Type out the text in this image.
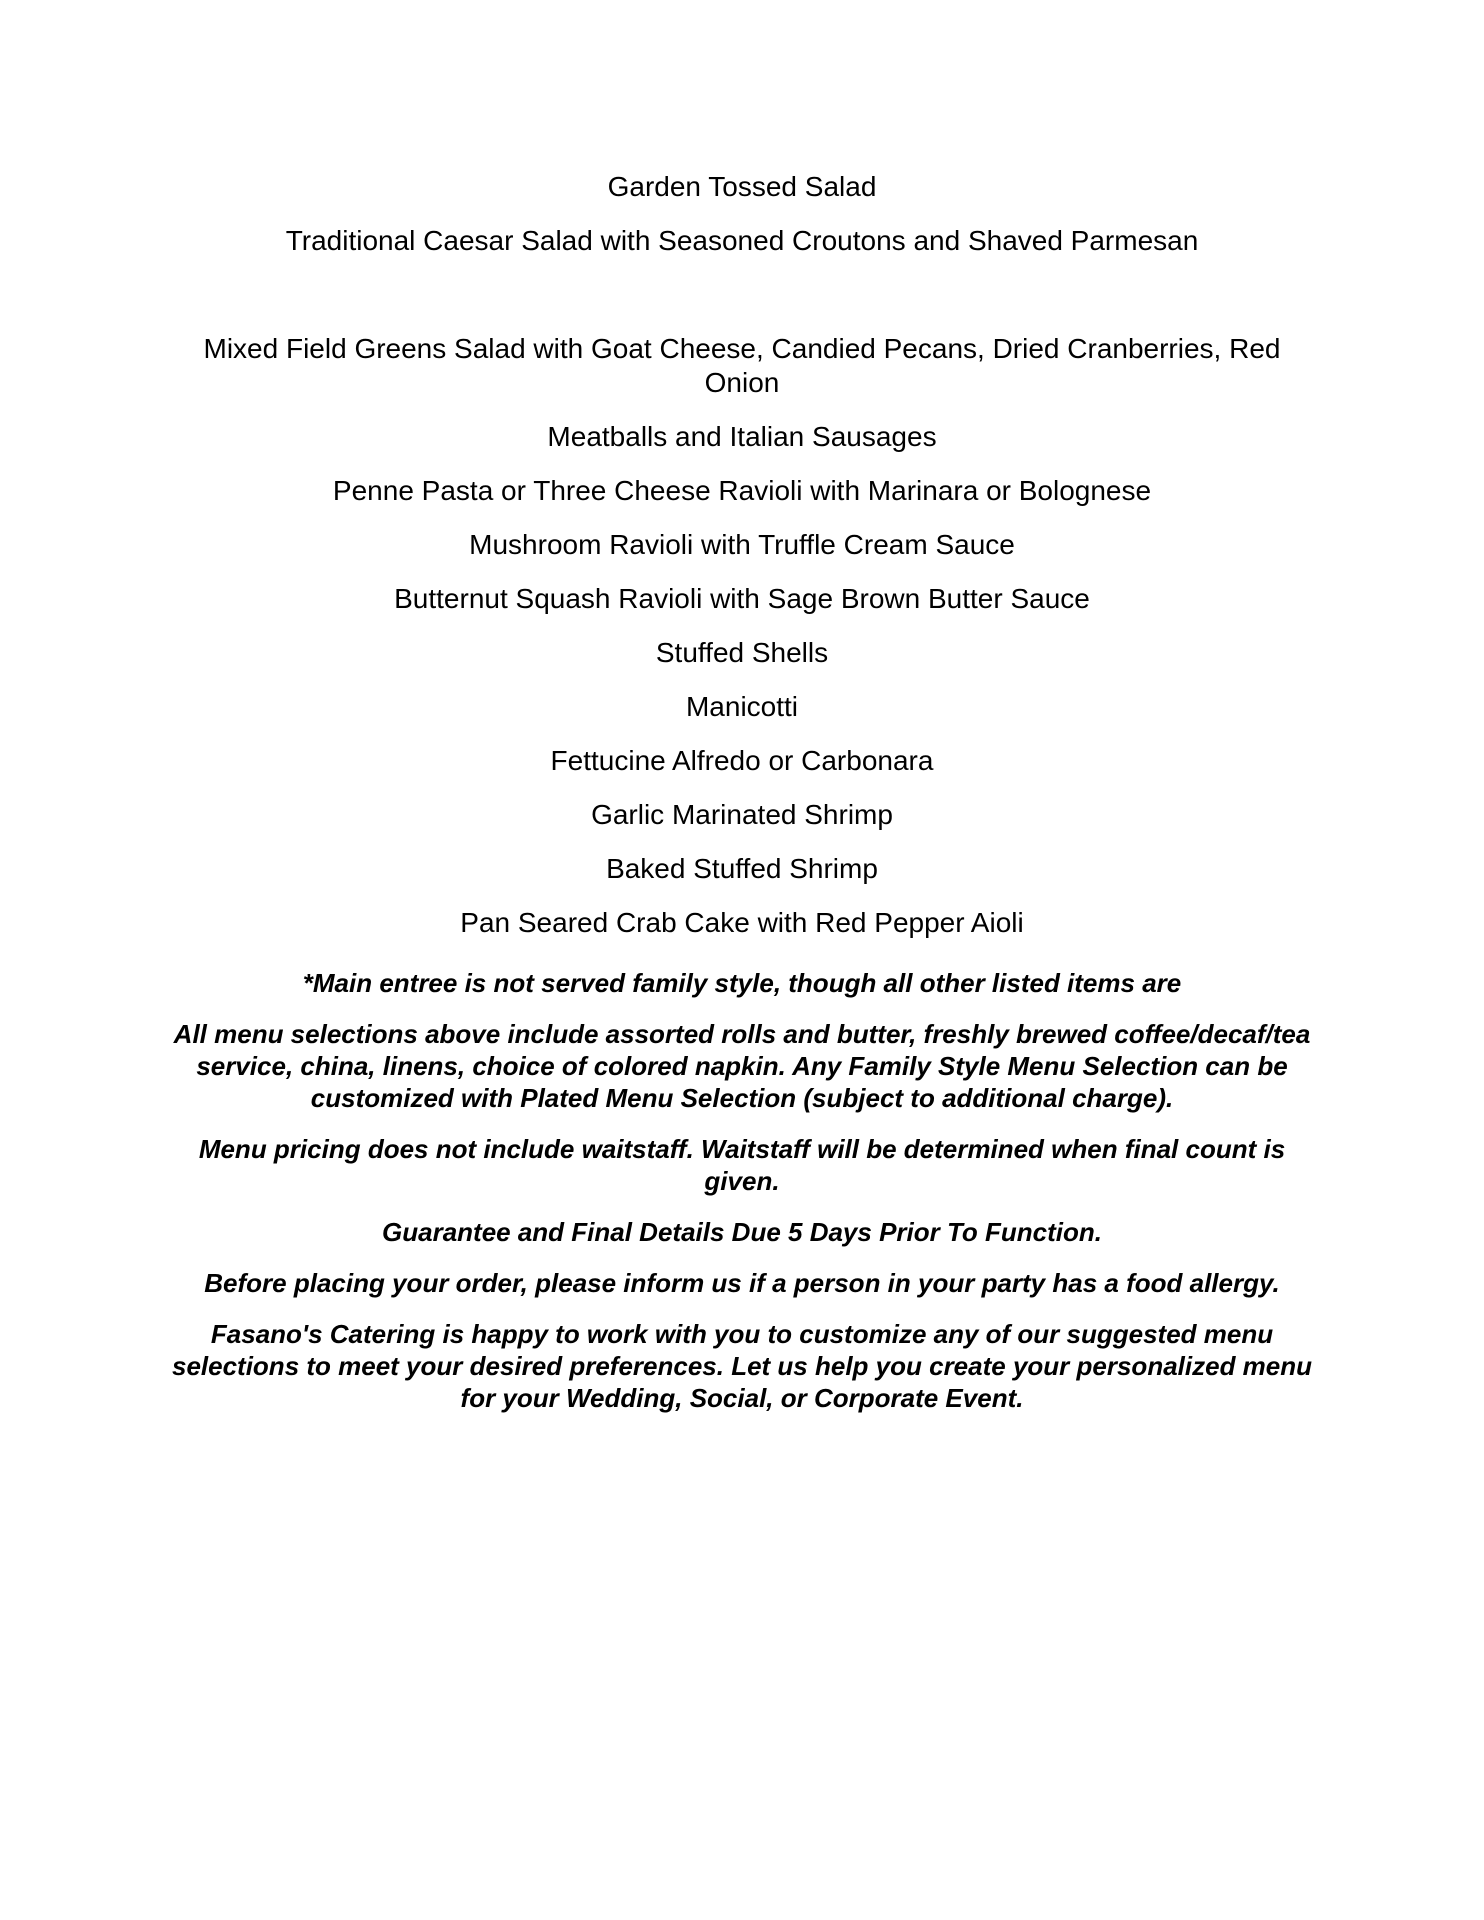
Garden Tossed Salad
Traditional Caesar Salad with Seasoned Croutons and Shaved Parmesan
Mixed Field Greens Salad with Goat Cheese, Candied Pecans, Dried Cranberries, Red Onion
Meatballs and Italian Sausages
Penne Pasta or Three Cheese Ravioli with Marinara or Bolognese
Mushroom Ravioli with Truffle Cream Sauce
Butternut Squash Ravioli with Sage Brown Butter Sauce
Stuffed Shells
Manicotti
Fettucine Alfredo or Carbonara
Garlic Marinated Shrimp
Baked Stuffed Shrimp
Pan Seared Crab Cake with Red Pepper Aioli
*Main entree is not served family style, though all other listed items are
All menu selections above include assorted rolls and butter, freshly brewed coffee/decaf/tea service, china, linens, choice of colored napkin. Any Family Style Menu Selection can be customized with Plated Menu Selection (subject to additional charge).
Menu pricing does not include waitstaff. Waitstaff will be determined when final count is given.
Guarantee and Final Details Due 5 Days Prior To Function.
Before placing your order, please inform us if a person in your party has a food allergy.
Fasano's Catering is happy to work with you to customize any of our suggested menu selections to meet your desired preferences. Let us help you create your personalized menu for your Wedding, Social, or Corporate Event.
